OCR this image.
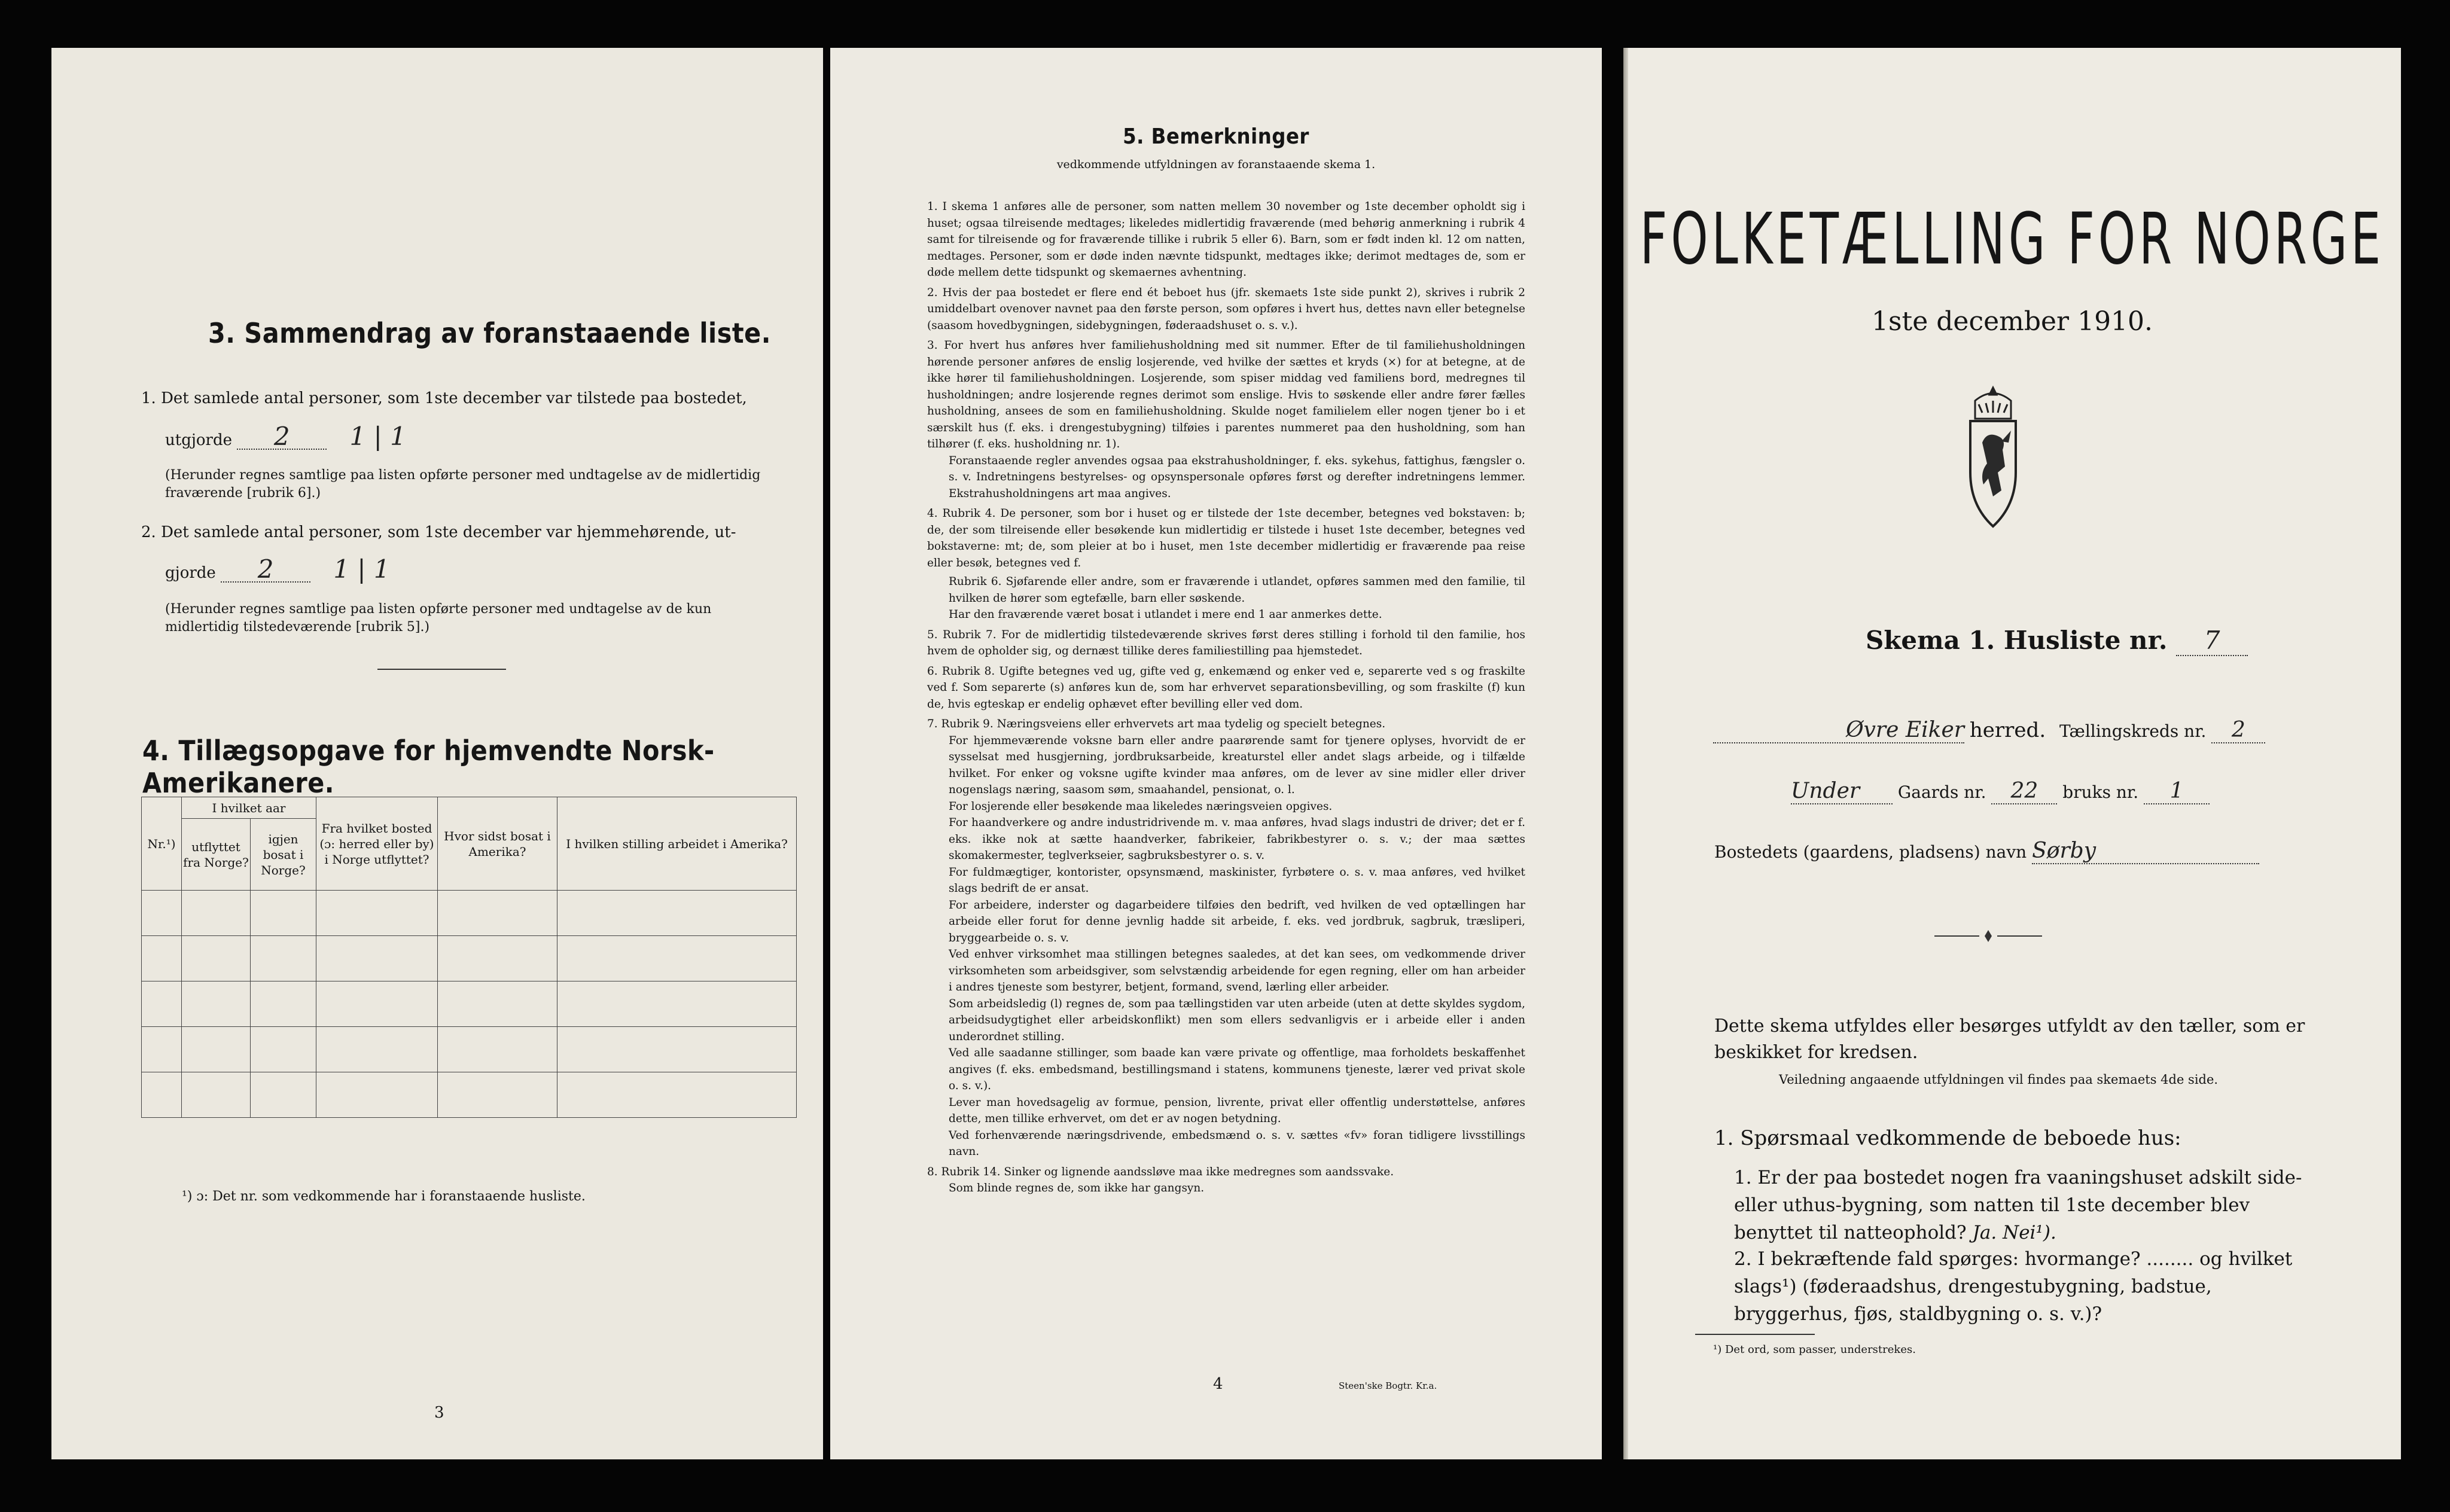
3. Sammendrag av foranstaaende liste.
1. Det samlede antal personer, som 1ste december var tilstede paa bostedet,
utgjorde 2 1 | 1
(Herunder regnes samtlige paa listen opførte personer med undtagelse av de midlertidig fraværende [rubrik 6].)
2. Det samlede antal personer, som 1ste december var hjemmehørende, ut-
gjorde 2 1 | 1
(Herunder regnes samtlige paa listen opførte personer med undtagelse av de kun midlertidig tilstedeværende [rubrik 5].)
4. Tillægsopgave for hjemvendte Norsk-Amerikanere.
Nr.¹)	I hvilket aar		Fra hvilket bosted (ɔ: herred eller by) i Norge utflyttet?	Hvor sidst bosat i Amerika?	I hvilken stilling arbeidet i Amerika?
	utflyttet fra Norge?	igjen bosat i Norge?			

¹) ɔ: Det nr. som vedkommende har i foranstaaende husliste.
3
5. Bemerkninger
vedkommende utfyldningen av foranstaaende skema 1.

1. I skema 1 anføres alle de personer, som natten mellem 30 november og 1ste december opholdt sig i huset; ogsaa tilreisende medtages; likeledes midlertidig fraværende (med behørig anmerkning i rubrik 4 samt for tilreisende og for fraværende tillike i rubrik 5 eller 6). Barn, som er født inden kl. 12 om natten, medtages. Personer, som er døde inden nævnte tidspunkt, medtages ikke; derimot medtages de, som er døde mellem dette tidspunkt og skemaernes avhentning.

2. Hvis der paa bostedet er flere end ét beboet hus (jfr. skemaets 1ste side punkt 2), skrives i rubrik 2 umiddelbart ovenover navnet paa den første person, som opføres i hvert hus, dettes navn eller betegnelse (saasom hovedbygningen, sidebygningen, føderaadshuset o. s. v.).

3. For hvert hus anføres hver familiehusholdning med sit nummer. Efter de til familiehusholdningen hørende personer anføres de enslig losjerende, ved hvilke der sættes et kryds (×) for at betegne, at de ikke hører til familiehusholdningen. Losjerende, som spiser middag ved familiens bord, medregnes til husholdningen; andre losjerende regnes derimot som enslige. Hvis to søskende eller andre fører fælles husholdning, ansees de som en familiehusholdning. Skulde noget familielem eller nogen tjener bo i et særskilt hus (f. eks. i drengestubygning) tilføies i parentes nummeret paa den husholdning, som han tilhører (f. eks. husholdning nr. 1).

Foranstaaende regler anvendes ogsaa paa ekstrahusholdninger, f. eks. sykehus, fattighus, fængsler o. s. v. Indretningens bestyrelses- og opsynspersonale opføres først og derefter indretningens lemmer. Ekstrahusholdningens art maa angives.

4. Rubrik 4. De personer, som bor i huset og er tilstede der 1ste december, betegnes ved bokstaven: b; de, der som tilreisende eller besøkende kun midlertidig er tilstede i huset 1ste december, betegnes ved bokstaverne: mt; de, som pleier at bo i huset, men 1ste december midlertidig er fraværende paa reise eller besøk, betegnes ved f.

Rubrik 6. Sjøfarende eller andre, som er fraværende i utlandet, opføres sammen med den familie, til hvilken de hører som egtefælle, barn eller søskende.

Har den fraværende været bosat i utlandet i mere end 1 aar anmerkes dette.

5. Rubrik 7. For de midlertidig tilstedeværende skrives først deres stilling i forhold til den familie, hos hvem de opholder sig, og dernæst tillike deres familiestilling paa hjemstedet.

6. Rubrik 8. Ugifte betegnes ved ug, gifte ved g, enkemænd og enker ved e, separerte ved s og fraskilte ved f. Som separerte (s) anføres kun de, som har erhvervet separationsbevilling, og som fraskilte (f) kun de, hvis egteskap er endelig ophævet efter bevilling eller ved dom.

7. Rubrik 9. Næringsveiens eller erhvervets art maa tydelig og specielt betegnes.

For hjemmeværende voksne barn eller andre paarørende samt for tjenere oplyses, hvorvidt de er sysselsat med husgjerning, jordbruksarbeide, kreaturstel eller andet slags arbeide, og i tilfælde hvilket. For enker og voksne ugifte kvinder maa anføres, om de lever av sine midler eller driver nogenslags næring, saasom søm, smaahandel, pensionat, o. l.

For losjerende eller besøkende maa likeledes næringsveien opgives.

For haandverkere og andre industridrivende m. v. maa anføres, hvad slags industri de driver; det er f. eks. ikke nok at sætte haandverker, fabrikeier, fabrikbestyrer o. s. v.; der maa sættes skomakermester, teglverkseier, sagbruksbestyrer o. s. v.

For fuldmægtiger, kontorister, opsynsmænd, maskinister, fyrbøtere o. s. v. maa anføres, ved hvilket slags bedrift de er ansat.

For arbeidere, inderster og dagarbeidere tilføies den bedrift, ved hvilken de ved optællingen har arbeide eller forut for denne jevnlig hadde sit arbeide, f. eks. ved jordbruk, sagbruk, træsliperi, bryggearbeide o. s. v.

Ved enhver virksomhet maa stillingen betegnes saaledes, at det kan sees, om vedkommende driver virksomheten som arbeidsgiver, som selvstændig arbeidende for egen regning, eller om han arbeider i andres tjeneste som bestyrer, betjent, formand, svend, lærling eller arbeider.

Som arbeidsledig (l) regnes de, som paa tællingstiden var uten arbeide (uten at dette skyldes sygdom, arbeidsudygtighet eller arbeidskonflikt) men som ellers sedvanligvis er i arbeide eller i anden underordnet stilling.

Ved alle saadanne stillinger, som baade kan være private og offentlige, maa forholdets beskaffenhet angives (f. eks. embedsmand, bestillingsmand i statens, kommunens tjeneste, lærer ved privat skole o. s. v.).

Lever man hovedsagelig av formue, pension, livrente, privat eller offentlig understøttelse, anføres dette, men tillike erhvervet, om det er av nogen betydning.

Ved forhenværende næringsdrivende, embedsmænd o. s. v. sættes «fv» foran tidligere livsstillings navn.

8. Rubrik 14. Sinker og lignende aandssløve maa ikke medregnes som aandssvake.

Som blinde regnes de, som ikke har gangsyn.

4	Steen'ske Bogtr. Kr.a.
FOLKETÆLLING FOR NORGE
1ste december 1910.
Skema 1. Husliste nr. 7
Øvre Eiker herred. Tællingskreds nr. 2
Under Gaards nr. 22 bruks nr. 1
Bostedets (gaardens, pladsens) navn Sørby
Dette skema utfyldes eller besørges utfyldt av den tæller, som er beskikket for kredsen.
Veiledning angaaende utfyldningen vil findes paa skemaets 4de side.
1. Spørsmaal vedkommende de beboede hus:
1. Er der paa bostedet nogen fra vaaningshuset adskilt side- eller uthus-bygning, som natten til 1ste december blev benyttet til natteophold? Ja. Nei¹).
2. I bekræftende fald spørges: hvormange? ........ og hvilket slags¹) (føderaadshus, drengestubygning, badstue, bryggerhus, fjøs, staldbygning o. s. v.)?
¹) Det ord, som passer, understrekes.
